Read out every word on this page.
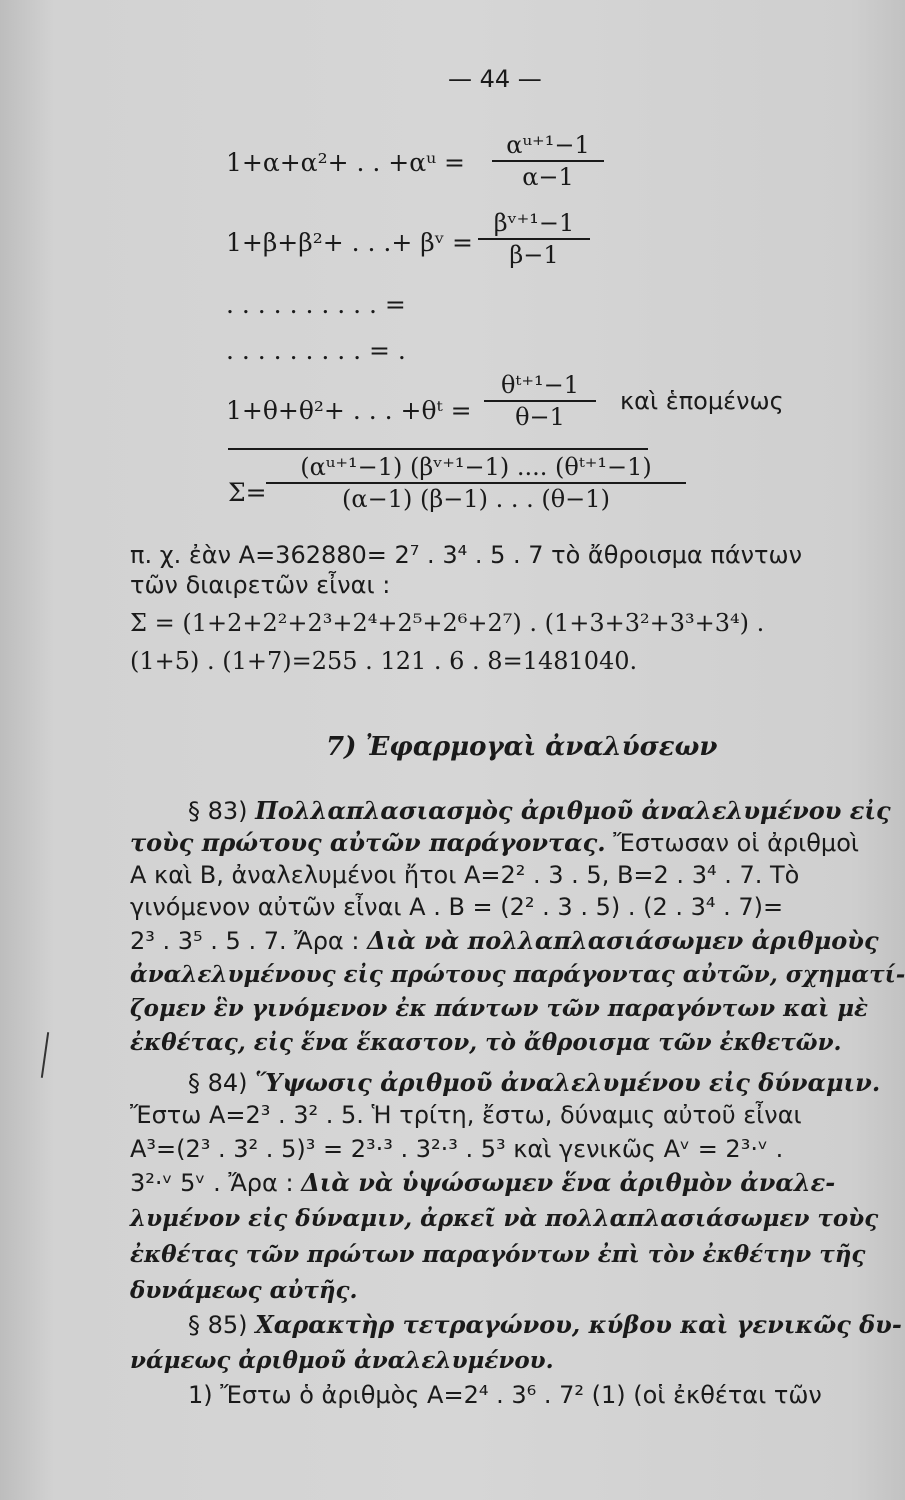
— 44 —
1+α+α²+ . . +αᵘ = $\frac{\text{αᵘ⁺¹−1}}{\alpha-1}$
1+β+β²+ . . .+ βᵛ = $\frac{\text{βᵛ⁺¹−1}}{\beta-1}$
. . . . . . . . . . =
. . . . . . . . . = .
1+θ+θ²+ . . . +θᵗ = $\frac{\text{θᵗ⁺¹−1}}{\theta-1}$ καὶ ἑπομένως
$\Sigma= \frac{\text{(αᵘ⁺¹−1) (βᵛ⁺¹−1) .... (θᵗ⁺¹−1)}}{(\alpha-1) (\beta-1) . . . (\theta-1)}$
π. χ. ἐὰν Α=362880= 2⁷ . 3⁴ . 5 . 7 τὸ ἄθροισμα πάντων
τῶν διαιρετῶν εἶναι :
Σ = (1+2+2²+2³+2⁴+2⁵+2⁶+2⁷) . (1+3+3²+3³+3⁴) .
(1+5) . (1+7)=255 . 121 . 6 . 8=1481040.
7) Ἐφαρμογαὶ ἀναλύσεων
§ 83) Πολλαπλασιασμὸς ἀριθμοῦ ἀναλελυμένου εἰς
τοὺς πρώτους αὐτῶν παράγοντας. Ἔστωσαν οἱ ἀριθμοὶ
Α καὶ Β, ἀναλελυμένοι ἤτοι Α=2² . 3 . 5, Β=2 . 3⁴ . 7. Τὸ
γινόμενον αὐτῶν εἶναι Α . Β = (2² . 3 . 5) . (2 . 3⁴ . 7)=
2³ . 3⁵ . 5 . 7. Ἄρα : Διὰ νὰ πολλαπλασιάσωμεν ἀριθμοὺς
ἀναλελυμένους εἰς πρώτους παράγοντας αὐτῶν, σχηματί-
ζομεν ἓν γινόμενον ἐκ πάντων τῶν παραγόντων καὶ μὲ
ἐκθέτας, εἰς ἕνα ἕκαστον, τὸ ἄθροισμα τῶν ἐκθετῶν.
§ 84) Ὕψωσις ἀριθμοῦ ἀναλελυμένου εἰς δύναμιν.
Ἔστω Α=2³ . 3² . 5. Ἡ τρίτη, ἔστω, δύναμις αὐτοῦ εἶναι
Α³=(2³ . 3² . 5)³ = 2³·³ . 3²·³ . 5³ καὶ γενικῶς Αᵛ = 2³·ᵛ .
3²·ᵛ 5ᵛ . Ἄρα : Διὰ νὰ ὑψώσωμεν ἕνα ἀριθμὸν ἀναλε-
λυμένον εἰς δύναμιν, ἀρκεῖ νὰ πολλαπλασιάσωμεν τοὺς
ἐκθέτας τῶν πρώτων παραγόντων ἐπὶ τὸν ἐκθέτην τῆς
δυνάμεως αὐτῆς.
§ 85) Χαρακτὴρ τετραγώνου, κύβου καὶ γενικῶς δυ-
νάμεως ἀριθμοῦ ἀναλελυμένου.
1) Ἔστω ὁ ἀριθμὸς Α=2⁴ . 3⁶ . 7² (1) (οἱ ἐκθέται τῶν
